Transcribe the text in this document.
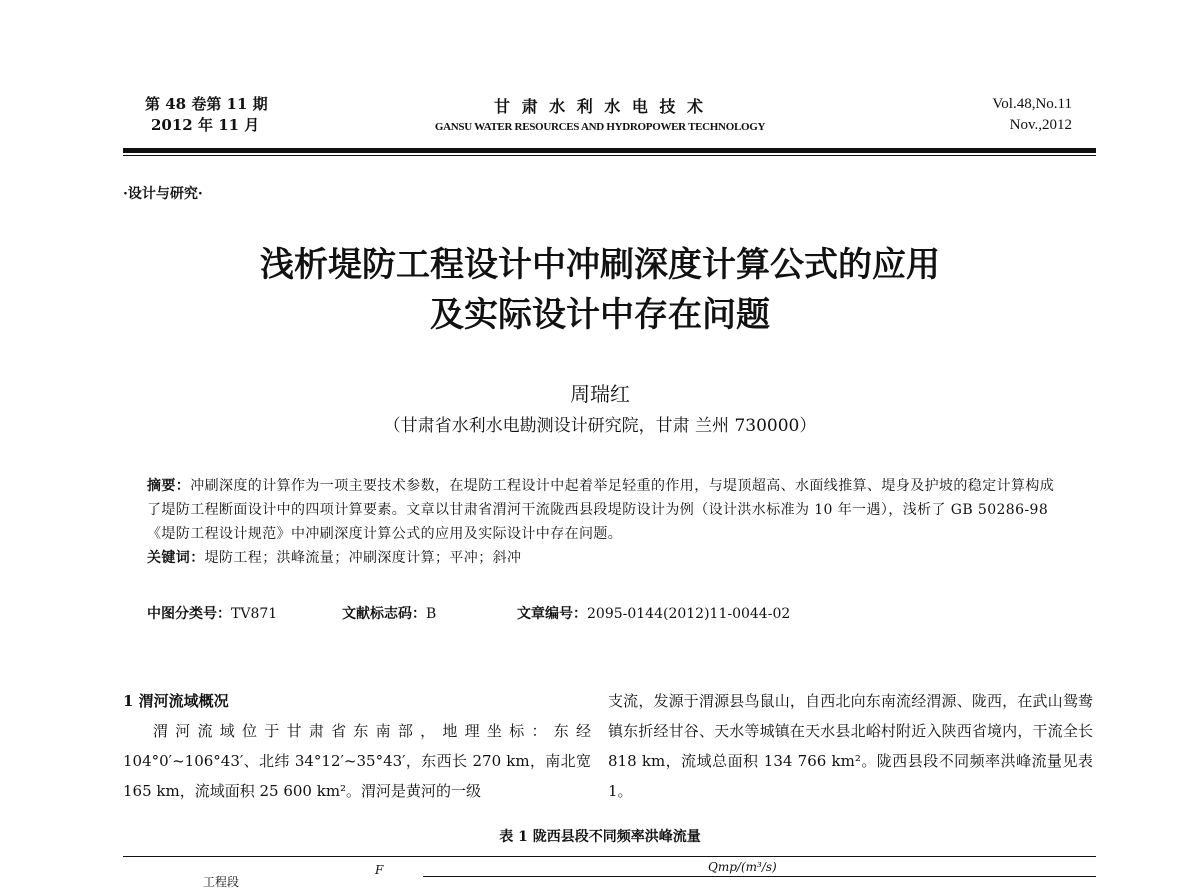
第 48 卷第 11 期
2012 年 11 月
甘 肃 水 利 水 电 技 术
GANSU WATER RESOURCES AND HYDROPOWER TECHNOLOGY
Vol.48,No.11
Nov.,2012
·设计与研究·
浅析堤防工程设计中冲刷深度计算公式的应用
及实际设计中存在问题
周瑞红
（甘肃省水利水电勘测设计研究院，甘肃 兰州 730000）
摘要：冲刷深度的计算作为一项主要技术参数，在堤防工程设计中起着举足轻重的作用，与堤顶超高、水面线推算、堤身及护坡的稳定计算构成了堤防工程断面设计中的四项计算要素。文章以甘肃省渭河干流陇西县段堤防设计为例（设计洪水标准为 10 年一遇），浅析了 GB 50286-98《堤防工程设计规范》中冲刷深度计算公式的应用及实际设计中存在问题。
关键词：堤防工程；洪峰流量；冲刷深度计算；平冲；斜冲
中图分类号：TV871	文献标志码：B	文章编号：2095-0144(2012)11-0044-02
1 渭河流域概况
渭河流域位于甘肃省东南部，地理坐标：东经 104°0′~106°43′、北纬 34°12′~35°43′，东西长 270 km，南北宽 165 km，流域面积 25 600 km²。渭河是黄河的一级
支流，发源于渭源县鸟鼠山，自西北向东南流经渭源、陇西，在武山鸳鸯镇东折经甘谷、天水等城镇在天水县北峪村附近入陕西省境内，干流全长 818 km，流域总面积 134 766 km²。陇西县段不同频率洪峰流量见表 1。
表 1 陇西县段不同频率洪峰流量
工程段
F	Qmp/(m³/s)
